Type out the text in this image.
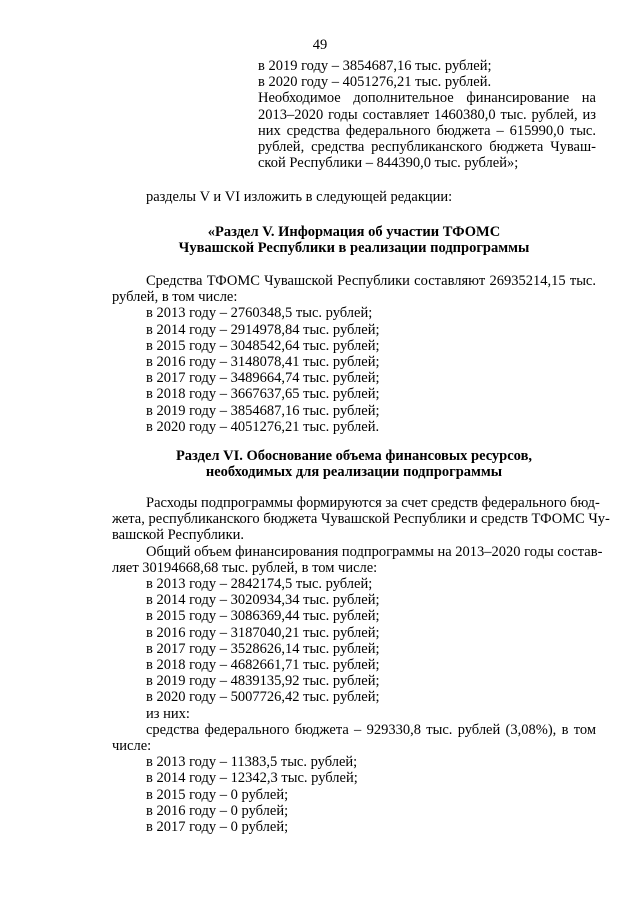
49
в 2019 году – 3854687,16 тыс. рублей;
в 2020 году – 4051276,21 тыс. рублей.
Необходимое дополнительное финансирование на
2013–2020 годы составляет 1460380,0 тыс. рублей, из
них средства федерального бюджета – 615990,0 тыс.
рублей, средства республиканского бюджета Чуваш-
ской Республики – 844390,0 тыс. рублей»;
разделы V и VI изложить в следующей редакции:
«Раздел V. Информация об участии ТФОМС
Чувашской Республики в реализации подпрограммы
Средства ТФОМС Чувашской Республики составляют 26935214,15 тыс.
рублей, в том числе:
в 2013 году – 2760348,5 тыс. рублей;
в 2014 году – 2914978,84 тыс. рублей;
в 2015 году – 3048542,64 тыс. рублей;
в 2016 году – 3148078,41 тыс. рублей;
в 2017 году – 3489664,74 тыс. рублей;
в 2018 году – 3667637,65 тыс. рублей;
в 2019 году – 3854687,16 тыс. рублей;
в 2020 году – 4051276,21 тыс. рублей.
Раздел VI. Обоснование объема финансовых ресурсов,
необходимых для реализации подпрограммы
Расходы подпрограммы формируются за счет средств федерального бюд-
жета, республиканского бюджета Чувашской Республики и средств ТФОМС Чу-
вашской Республики.
Общий объем финансирования подпрограммы на 2013–2020 годы состав-
ляет 30194668,68 тыс. рублей, в том числе:
в 2013 году – 2842174,5 тыс. рублей;
в 2014 году – 3020934,34 тыс. рублей;
в 2015 году – 3086369,44 тыс. рублей;
в 2016 году – 3187040,21 тыс. рублей;
в 2017 году – 3528626,14 тыс. рублей;
в 2018 году – 4682661,71 тыс. рублей;
в 2019 году – 4839135,92 тыс. рублей;
в 2020 году – 5007726,42 тыс. рублей;
из них:
средства федерального бюджета – 929330,8 тыс. рублей (3,08%), в том
числе:
в 2013 году – 11383,5 тыс. рублей;
в 2014 году – 12342,3 тыс. рублей;
в 2015 году – 0 рублей;
в 2016 году – 0 рублей;
в 2017 году – 0 рублей;
